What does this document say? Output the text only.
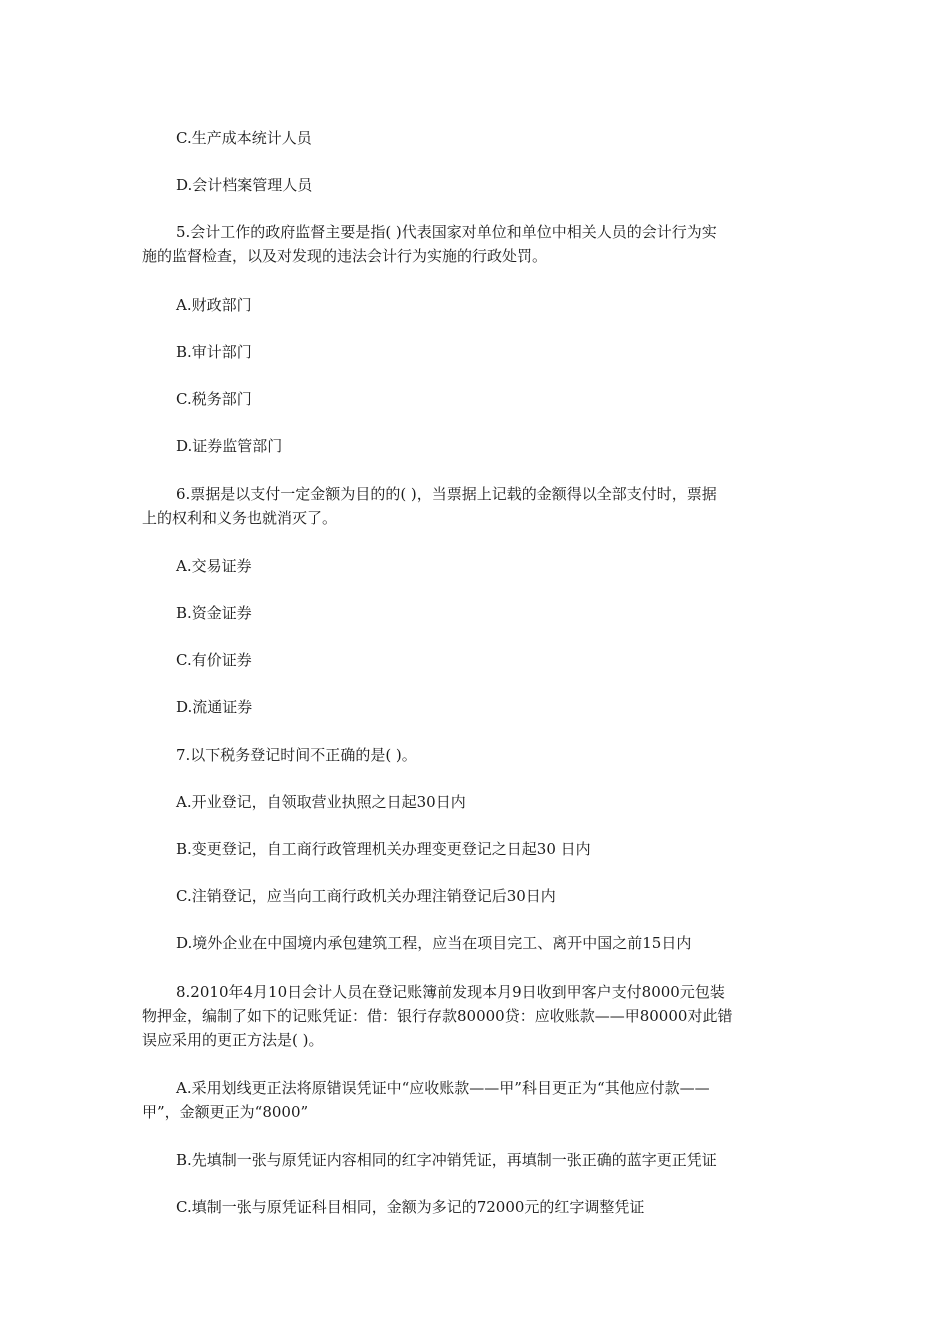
C.生产成本统计人员
D.会计档案管理人员
5.会计工作的政府监督主要是指( )代表国家对单位和单位中相关人员的会计行为实
施的监督检查，以及对发现的违法会计行为实施的行政处罚。
A.财政部门
B.审计部门
C.税务部门
D.证券监管部门
6.票据是以支付一定金额为目的的( )，当票据上记载的金额得以全部支付时，票据
上的权利和义务也就消灭了。
A.交易证券
B.资金证券
C.有价证券
D.流通证券
7.以下税务登记时间不正确的是( )。
A.开业登记，自领取营业执照之日起30日内
B.变更登记，自工商行政管理机关办理变更登记之日起30 日内
C.注销登记，应当向工商行政机关办理注销登记后30日内
D.境外企业在中国境内承包建筑工程，应当在项目完工、离开中国之前15日内
8.2010年4月10日会计人员在登记账簿前发现本月9日收到甲客户支付8000元包装
物押金，编制了如下的记账凭证：借：银行存款80000贷：应收账款——甲80000对此错
误应采用的更正方法是( )。
A.采用划线更正法将原错误凭证中“应收账款——甲”科目更正为“其他应付款——
甲”，金额更正为“8000”
B.先填制一张与原凭证内容相同的红字冲销凭证，再填制一张正确的蓝字更正凭证
C.填制一张与原凭证科目相同，金额为多记的72000元的红字调整凭证
